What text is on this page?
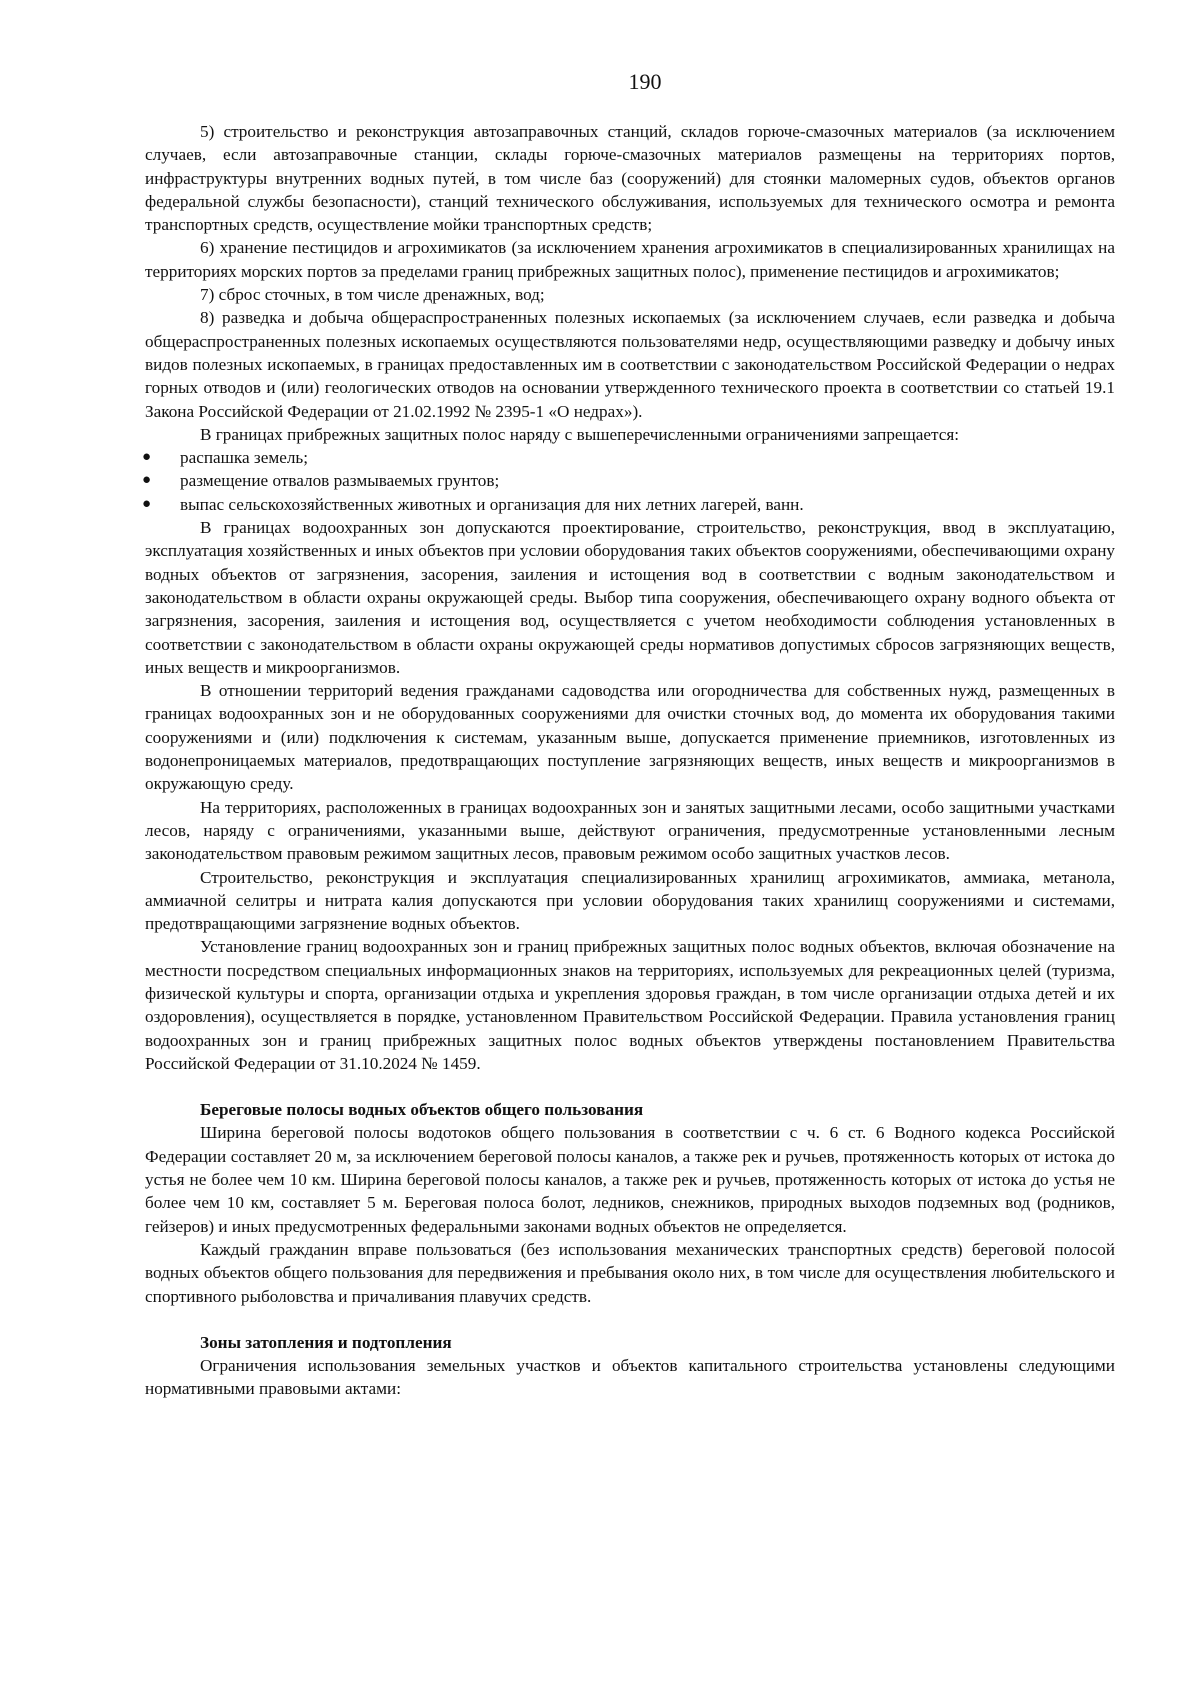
190

5) строительство и реконструкция автозаправочных станций, складов горюче-смазочных материалов (за исключением случаев, если автозаправочные станции, склады горюче-смазочных материалов размещены на территориях портов, инфраструктуры внутренних водных путей, в том числе баз (сооружений) для стоянки маломерных судов, объектов органов федеральной службы безопасности), станций технического обслуживания, используемых для технического осмотра и ремонта транспортных средств, осуществление мойки транспортных средств;

6) хранение пестицидов и агрохимикатов (за исключением хранения агрохимикатов в специализированных хранилищах на территориях морских портов за пределами границ прибрежных защитных полос), применение пестицидов и агрохимикатов;

7) сброс сточных, в том числе дренажных, вод;

8) разведка и добыча общераспространенных полезных ископаемых (за исключением случаев, если разведка и добыча общераспространенных полезных ископаемых осуществляются пользователями недр, осуществляющими разведку и добычу иных видов полезных ископаемых, в границах предоставленных им в соответствии с законодательством Российской Федерации о недрах горных отводов и (или) геологических отводов на основании утвержденного технического проекта в соответствии со статьей 19.1 Закона Российской Федерации от 21.02.1992 № 2395-1 «О недрах»).

В границах прибрежных защитных полос наряду с вышеперечисленными ограничениями запрещается:

● распашка земель;
● размещение отвалов размываемых грунтов;
● выпас сельскохозяйственных животных и организация для них летних лагерей, ванн.

В границах водоохранных зон допускаются проектирование, строительство, реконструкция, ввод в эксплуатацию, эксплуатация хозяйственных и иных объектов при условии оборудования таких объектов сооружениями, обеспечивающими охрану водных объектов от загрязнения, засорения, заиления и истощения вод в соответствии с водным законодательством и законодательством в области охраны окружающей среды. Выбор типа сооружения, обеспечивающего охрану водного объекта от загрязнения, засорения, заиления и истощения вод, осуществляется с учетом необходимости соблюдения установленных в соответствии с законодательством в области охраны окружающей среды нормативов допустимых сбросов загрязняющих веществ, иных веществ и микроорганизмов.

В отношении территорий ведения гражданами садоводства или огородничества для собственных нужд, размещенных в границах водоохранных зон и не оборудованных сооружениями для очистки сточных вод, до момента их оборудования такими сооружениями и (или) подключения к системам, указанным выше, допускается применение приемников, изготовленных из водонепроницаемых материалов, предотвращающих поступление загрязняющих веществ, иных веществ и микроорганизмов в окружающую среду.

На территориях, расположенных в границах водоохранных зон и занятых защитными лесами, особо защитными участками лесов, наряду с ограничениями, указанными выше, действуют ограничения, предусмотренные установленными лесным законодательством правовым режимом защитных лесов, правовым режимом особо защитных участков лесов.

Строительство, реконструкция и эксплуатация специализированных хранилищ агрохимикатов, аммиака, метанола, аммиачной селитры и нитрата калия допускаются при условии оборудования таких хранилищ сооружениями и системами, предотвращающими загрязнение водных объектов.

Установление границ водоохранных зон и границ прибрежных защитных полос водных объектов, включая обозначение на местности посредством специальных информационных знаков на территориях, используемых для рекреационных целей (туризма, физической культуры и спорта, организации отдыха и укрепления здоровья граждан, в том числе организации отдыха детей и их оздоровления), осуществляется в порядке, установленном Правительством Российской Федерации. Правила установления границ водоохранных зон и границ прибрежных защитных полос водных объектов утверждены постановлением Правительства Российской Федерации от 31.10.2024 № 1459.

Береговые полосы водных объектов общего пользования

Ширина береговой полосы водотоков общего пользования в соответствии с ч. 6 ст. 6 Водного кодекса Российской Федерации составляет 20 м, за исключением береговой полосы каналов, а также рек и ручьев, протяженность которых от истока до устья не более чем 10 км. Ширина береговой полосы каналов, а также рек и ручьев, протяженность которых от истока до устья не более чем 10 км, составляет 5 м. Береговая полоса болот, ледников, снежников, природных выходов подземных вод (родников, гейзеров) и иных предусмотренных федеральными законами водных объектов не определяется.

Каждый гражданин вправе пользоваться (без использования механических транспортных средств) береговой полосой водных объектов общего пользования для передвижения и пребывания около них, в том числе для осуществления любительского и спортивного рыболовства и причаливания плавучих средств.

Зоны затопления и подтопления

Ограничения использования земельных участков и объектов капитального строительства установлены следующими нормативными правовыми актами:
